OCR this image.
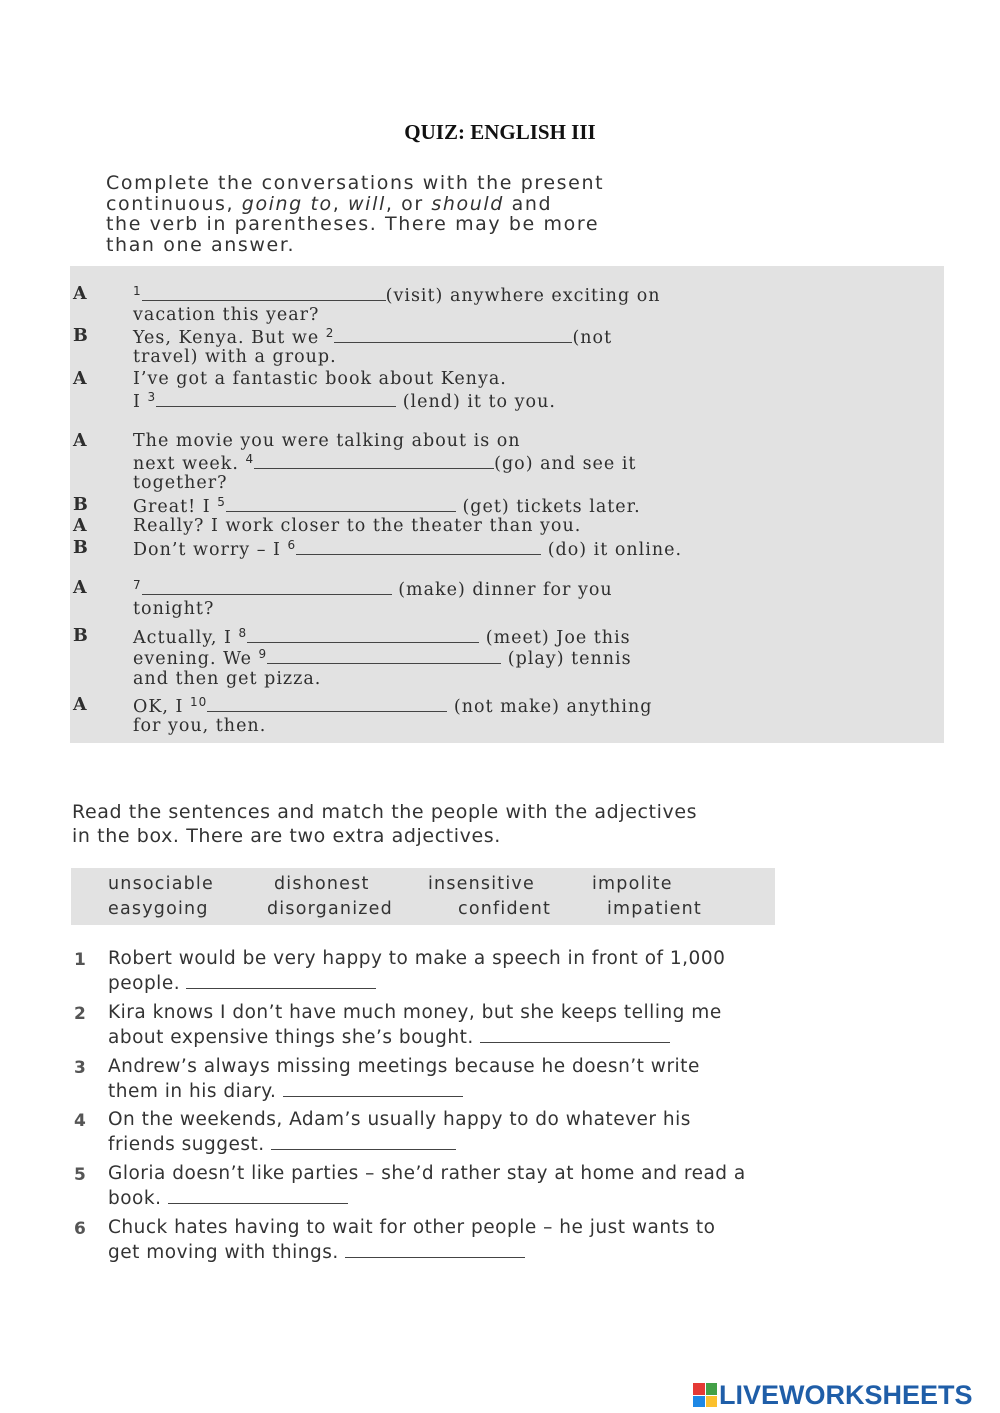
QUIZ: ENGLISH III
Complete the conversations with the present
continuous, going to, will, or should and
the verb in parentheses. There may be more
than one answer.
A	$^1$	(visit) anywhere exciting on
vacation this year?
B	Yes, Kenya. But we $^2$	(not
travel) with a group.
A	I’ve got a fantastic book about Kenya.
I $^3$	(lend) it to you.
A	The movie you were talking about is on
next week. $^4$	(go) and see it
together?
B	Great! I $^5$	(get) tickets later.
A	Really? I work closer to the theater than you.
B	Don’t worry – I $^6$	(do) it online.
A	$^7$	(make) dinner for you
tonight?
B	Actually, I $^8$	(meet) Joe this
evening. We $^9$	(play) tennis
and then get pizza.
A	OK, I $^{10}$	(not make) anything
for you, then.
Read the sentences and match the people with the adjectives
in the box. There are two extra adjectives.
unsociable	dishonest	insensitive	impolite
easygoing	disorganized	confident	impatient
1 Robert would be very happy to make a speech in front of 1,000
people.
2 Kira knows I don’t have much money, but she keeps telling me
about expensive things she’s bought.
3 Andrew’s always missing meetings because he doesn’t write
them in his diary.
4 On the weekends, Adam’s usually happy to do whatever his
friends suggest.
5 Gloria doesn’t like parties – she’d rather stay at home and read a
book.
6 Chuck hates having to wait for other people – he just wants to
get moving with things.
LIVEWORKSHEETS
